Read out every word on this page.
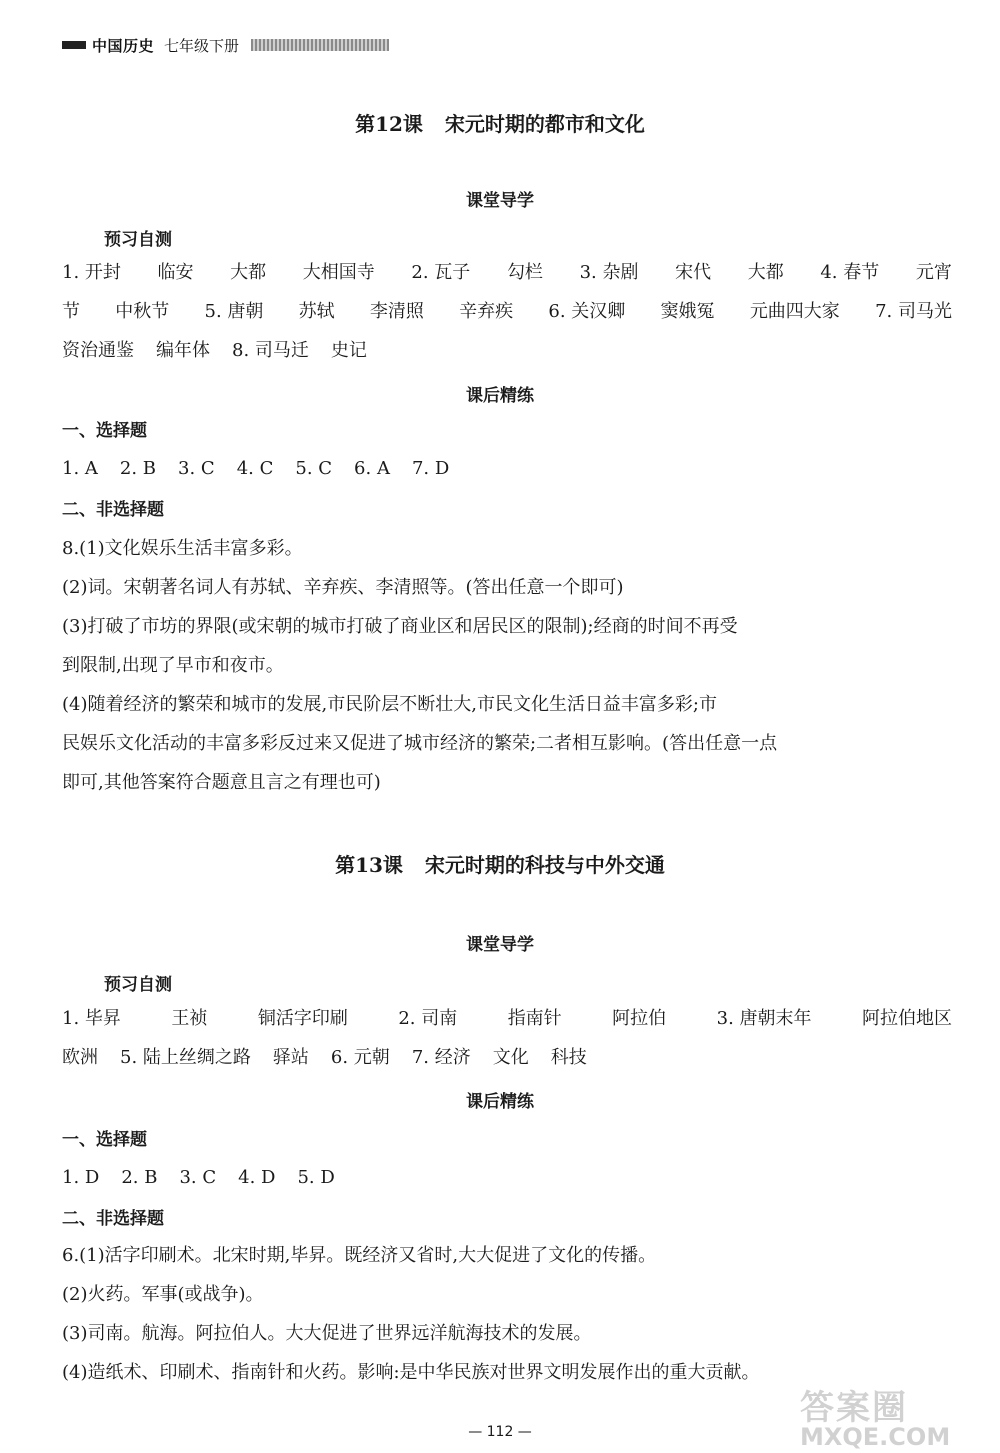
中国历史 七年级下册
第12课 宋元时期的都市和文化
课堂导学
预习自测
1. 开封 临安 大都 大相国寺 2. 瓦子 勾栏 3. 杂剧 宋代 大都 4. 春节 元宵
节 中秋节 5. 唐朝 苏轼 李清照 辛弃疾 6. 关汉卿 窦娥冤 元曲四大家 7. 司马光
资治通鉴 编年体 8. 司马迁 史记
课后精练
一、选择题
1. A 2. B 3. C 4. C 5. C 6. A 7. D
二、非选择题
8.(1)文化娱乐生活丰富多彩。
(2)词。宋朝著名词人有苏轼、辛弃疾、李清照等。(答出任意一个即可)
(3)打破了市坊的界限(或宋朝的城市打破了商业区和居民区的限制);经商的时间不再受
到限制,出现了早市和夜市。
(4)随着经济的繁荣和城市的发展,市民阶层不断壮大,市民文化生活日益丰富多彩;市
民娱乐文化活动的丰富多彩反过来又促进了城市经济的繁荣;二者相互影响。(答出任意一点
即可,其他答案符合题意且言之有理也可)
第13课 宋元时期的科技与中外交通
课堂导学
预习自测
1. 毕昇	王祯	铜活字印刷	2. 司南	指南针	阿拉伯	3. 唐朝末年	阿拉伯地区
欧洲 5. 陆上丝绸之路 驿站 6. 元朝 7. 经济 文化 科技
课后精练
一、选择题
1. D 2. B 3. C 4. D 5. D
二、非选择题
6.(1)活字印刷术。北宋时期,毕昇。既经济又省时,大大促进了文化的传播。
(2)火药。军事(或战争)。
(3)司南。航海。阿拉伯人。大大促进了世界远洋航海技术的发展。
(4)造纸术、印刷术、指南针和火药。影响:是中华民族对世界文明发展作出的重大贡献。
— 112 —
答案圈
MXQE.COM
